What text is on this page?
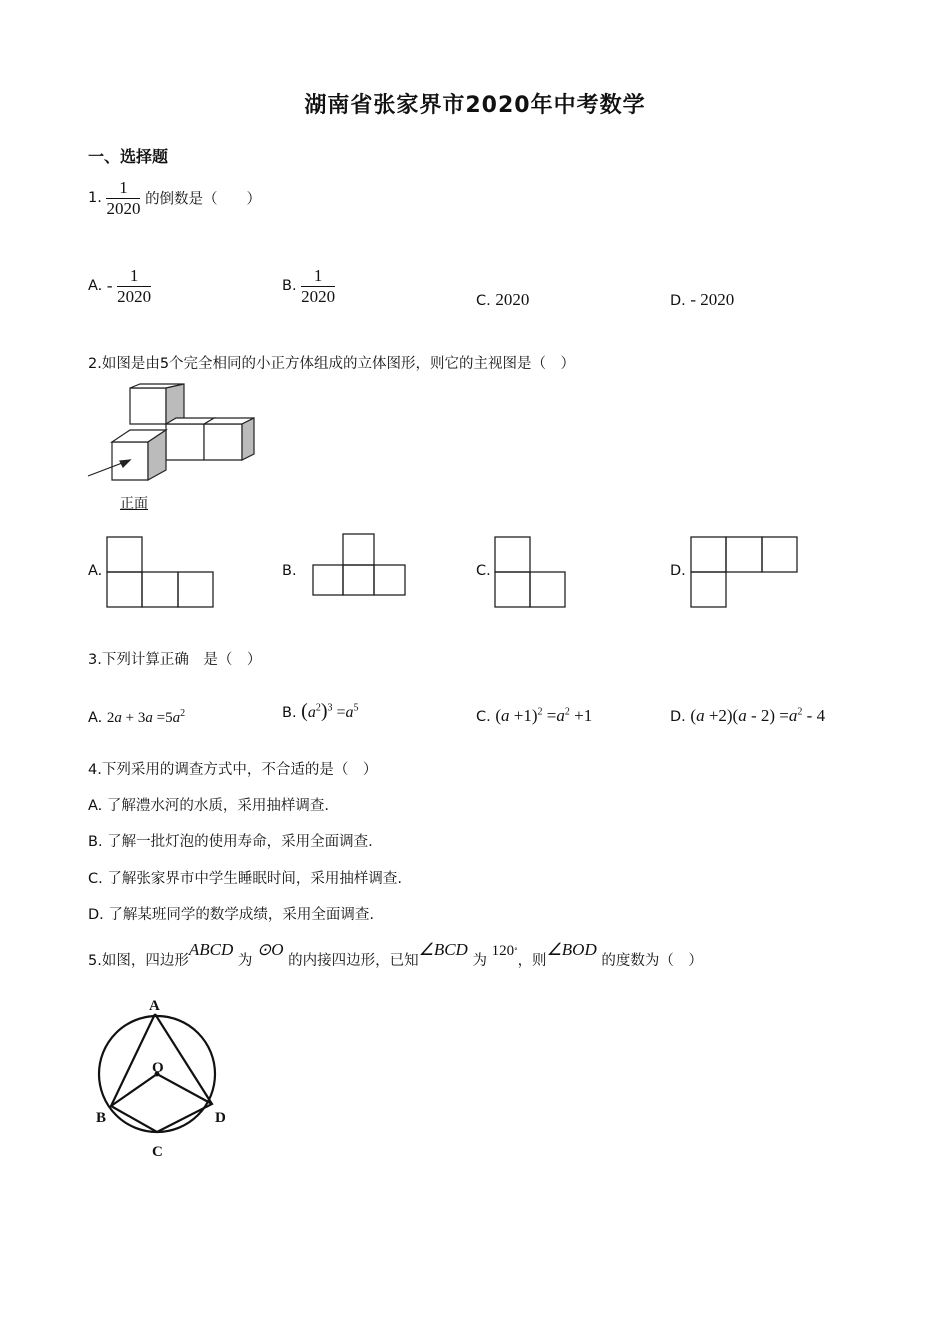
湖南省张家界市2020年中考数学
一、选择题
1. $\frac{1}{2020}$ 的倒数是（　　）
A. - $\frac{1}{2020}$	B. $\frac{1}{2020}$	C. 2020	D. - 2020
2.如图是由5个完全相同的小正方体组成的立体图形，则它的主视图是（　）
正面
A.	B.	C.	D.
3.下列计算正确　是（　）
A. $2a + 3a =5a^2$	B. $(a^2)^3 =a^5$
C. $(a +1)^2 =a^2 +1$	D. $(a +2)(a - 2) =a^2 - 4$
4.下列采用的调查方式中，不合适的是（　）
A. 了解澧水河的水质，采用抽样调查.
B. 了解一批灯泡的使用寿命，采用全面调查.
C. 了解张家界市中学生睡眠时间，采用抽样调查.
D. 了解某班同学的数学成绩，采用全面调查.
5.如图，四边形ABCD 为 ⊙O 的内接四边形，已知∠BCD 为 120°，则∠BOD 的度数为（　）
A
O
B	D
C
